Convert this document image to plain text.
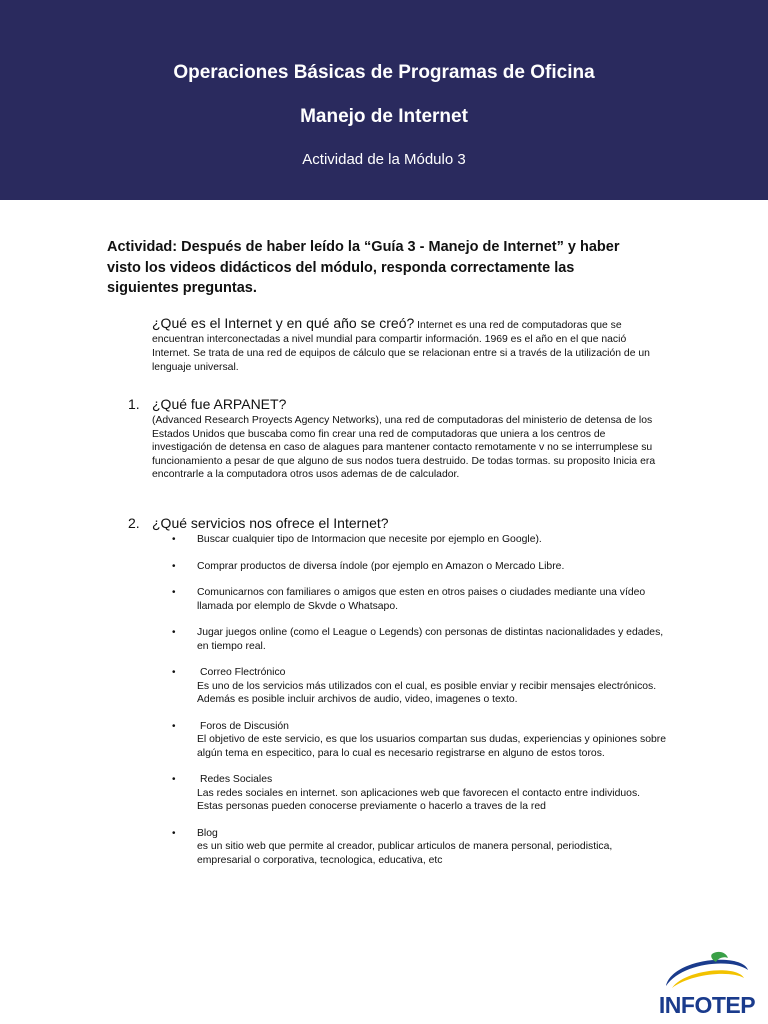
Operaciones Básicas de Programas de Oficina
Manejo de Internet
Actividad de la Módulo 3
Actividad: Después de haber leído la “Guía 3 - Manejo de Internet” y haber visto los videos didácticos del módulo, responda correctamente las siguientes preguntas.
¿Qué es el Internet y en qué año se creó? Internet es una red de computadoras que se encuentran interconectadas a nivel mundial para compartir información. 1969 es el año en el que nació Internet. Se trata de una red de equipos de cálculo que se relacionan entre si a través de la utilización de un lenguaje universal.
1. ¿Qué fue ARPANET?
(Advanced Research Proyects Agency Networks), una red de computadoras del ministerio de detensa de los Estados Unidos que buscaba como fin crear una red de computadoras que uniera a los centros de investigación de detensa en caso de alagues para mantener contacto remotamente v no se interrumplese su funcionamiento a pesar de que alguno de sus nodos tuera destruido. De todas tormas. su proposito Inicia era encontrarle a la computadora otros usos ademas de de calculador.
2. ¿Qué servicios nos ofrece el Internet?
• Buscar cualquier tipo de Intormacion que necesite por ejemplo en Google).
• Comprar productos de diversa índole (por ejemplo en Amazon o Mercado Libre.
• Comunicarnos con familiares o amigos que esten en otros paises o ciudades mediante una vídeo llamada por elemplo de Skvde o Whatsapo.
• Jugar juegos online (como el League o Legends) con personas de distintas nacionalidades y edades, en tiempo real.
• Correo Flectrónico
Es uno de los servicios más utilizados con el cual, es posible enviar y recibir mensajes electrónicos. Además es posible incluir archivos de audio, video, imagenes o texto.
• Foros de Discusión
El objetivo de este servicio, es que los usuarios compartan sus dudas, experiencias y opiniones sobre algún tema en especitico, para lo cual es necesario registrarse en alguno de estos toros.
• Redes Sociales
Las redes sociales en internet. son aplicaciones web que favorecen el contacto entre individuos. Estas personas pueden conocerse previamente o hacerlo a traves de la red
• Blog
es un sitio web que permite al creador, publicar articulos de manera personal, periodistica, empresarial o corporativa, tecnologica, educativa, etc
INFOTEP
